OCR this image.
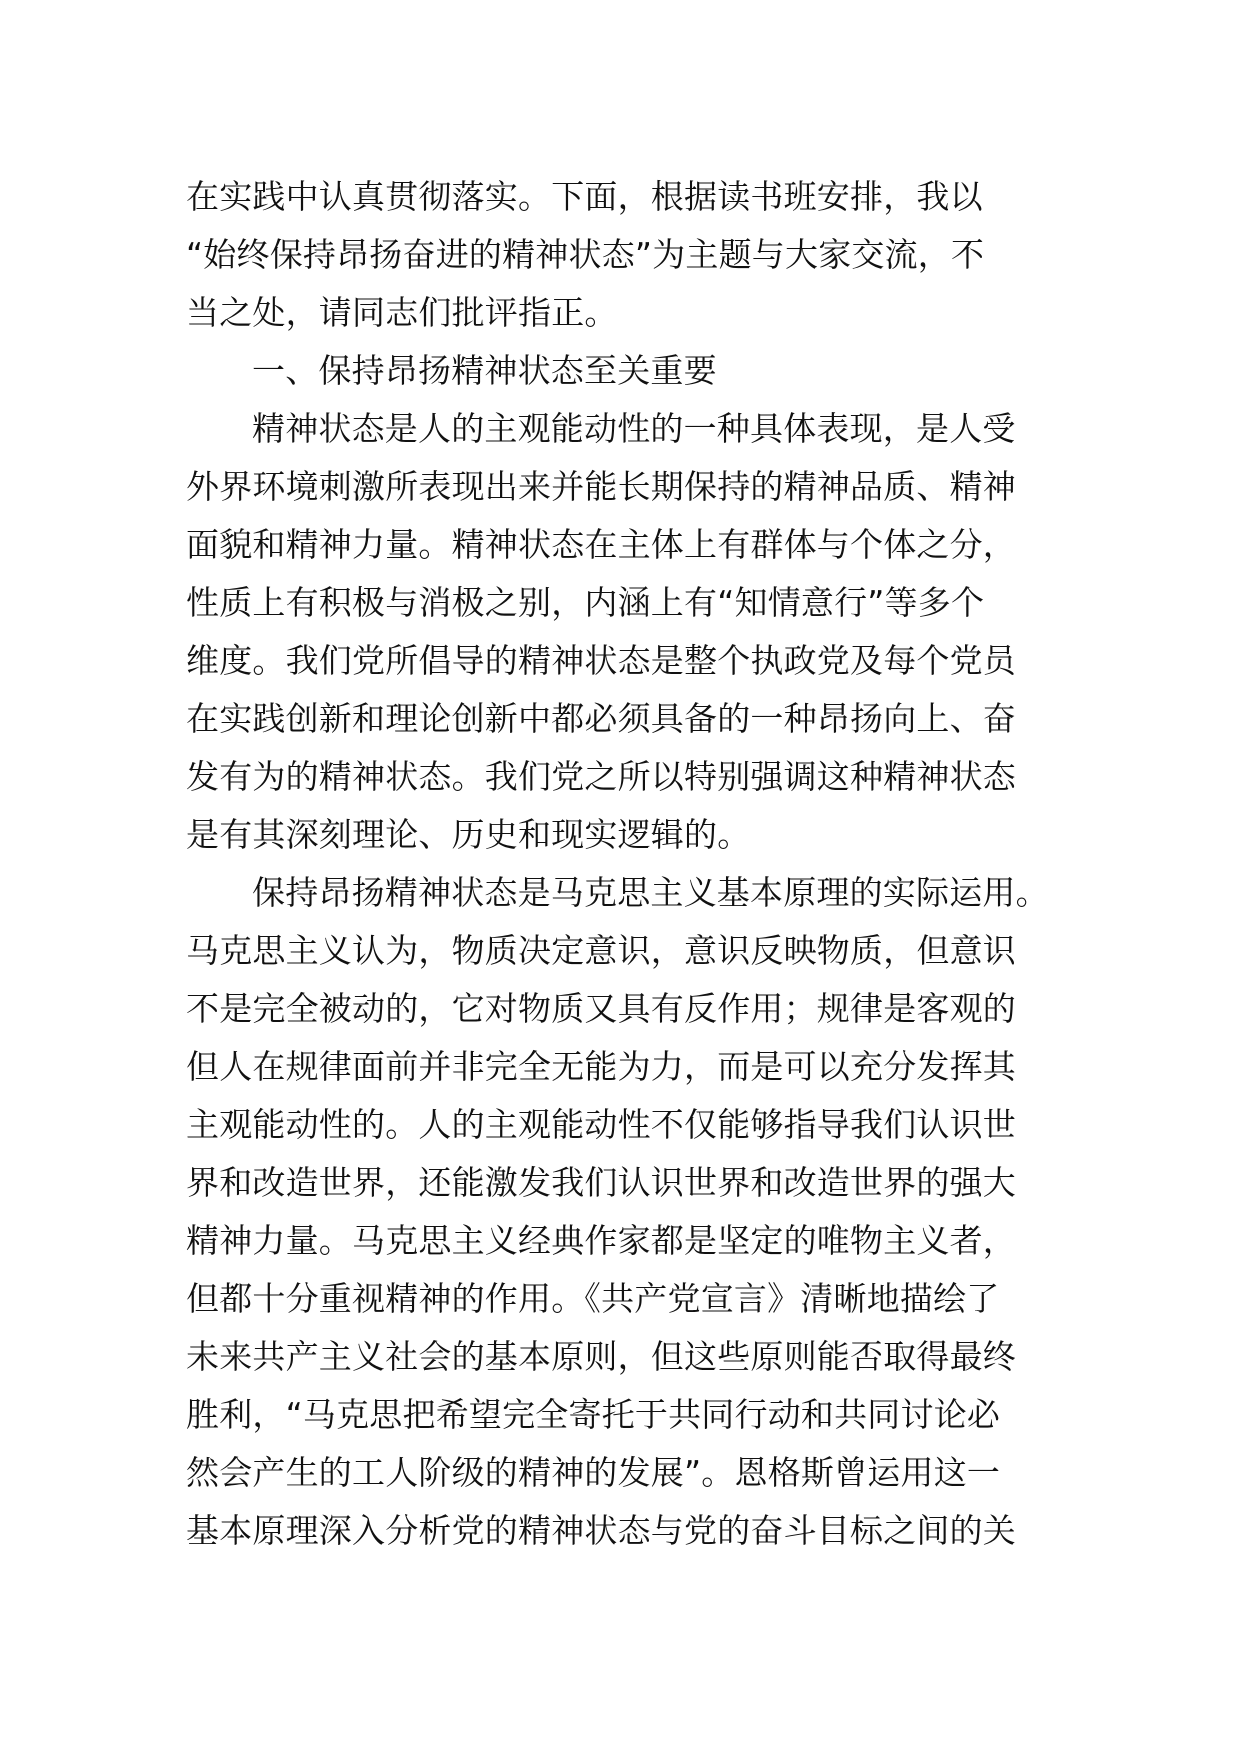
在实践中认真贯彻落实。下面，根据读书班安排，我以
“始终保持昂扬奋进的精神状态”为主题与大家交流，不
当之处，请同志们批评指正。
一、保持昂扬精神状态至关重要
精神状态是人的主观能动性的一种具体表现，是人受
外界环境刺激所表现出来并能长期保持的精神品质、精神
面貌和精神力量。精神状态在主体上有群体与个体之分，
性质上有积极与消极之别，内涵上有“知情意行”等多个
维度。我们党所倡导的精神状态是整个执政党及每个党员
在实践创新和理论创新中都必须具备的一种昂扬向上、奋
发有为的精神状态。我们党之所以特别强调这种精神状态
是有其深刻理论、历史和现实逻辑的。
保持昂扬精神状态是马克思主义基本原理的实际运用。
马克思主义认为，物质决定意识，意识反映物质，但意识
不是完全被动的，它对物质又具有反作用；规律是客观的
但人在规律面前并非完全无能为力，而是可以充分发挥其
主观能动性的。人的主观能动性不仅能够指导我们认识世
界和改造世界，还能激发我们认识世界和改造世界的强大
精神力量。马克思主义经典作家都是坚定的唯物主义者，
但都十分重视精神的作用。《共产党宣言》清晰地描绘了
未来共产主义社会的基本原则，但这些原则能否取得最终
胜利，“马克思把希望完全寄托于共同行动和共同讨论必
然会产生的工人阶级的精神的发展”。恩格斯曾运用这一
基本原理深入分析党的精神状态与党的奋斗目标之间的关
